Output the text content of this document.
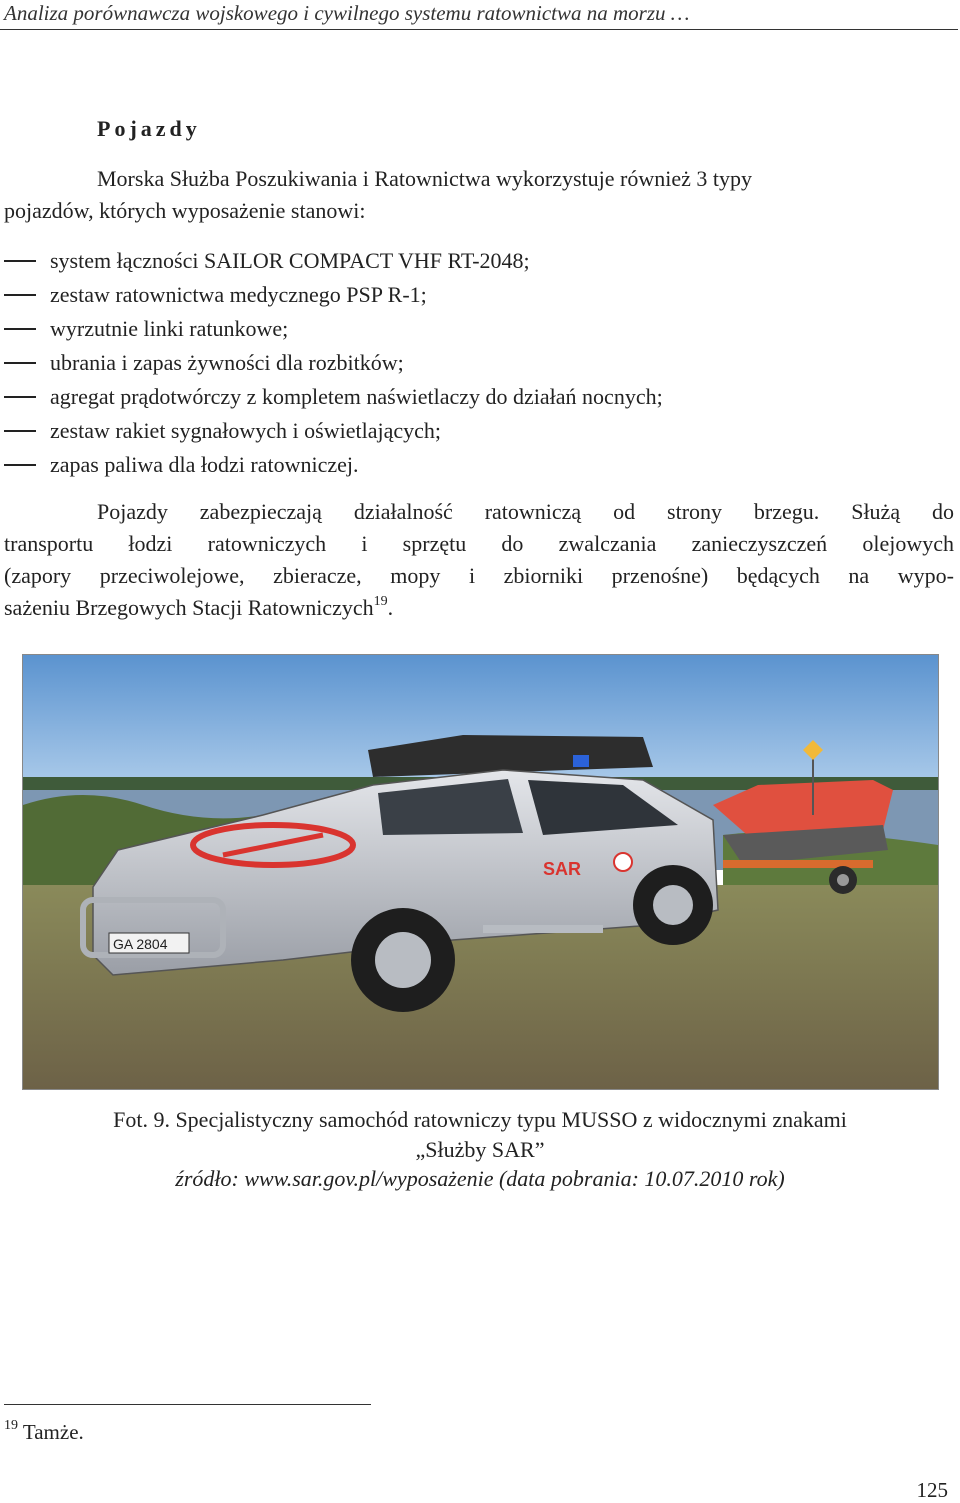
Analiza porównawcza wojskowego i cywilnego systemu ratownictwa na morzu …
Pojazdy
Morska Służba Poszukiwania i Ratownictwa wykorzystuje również 3 typy
pojazdów, których wyposażenie stanowi:
system łączności SAILOR COMPACT VHF RT-2048;
zestaw ratownictwa medycznego PSP R-1;
wyrzutnie linki ratunkowe;
ubrania i zapas żywności dla rozbitków;
agregat prądotwórczy z kompletem naświetlaczy do działań nocnych;
zestaw rakiet sygnałowych i oświetlających;
zapas paliwa dla łodzi ratowniczej.
Pojazdy zabezpieczają działalność ratowniczą od strony brzegu. Służą do
transportu łodzi ratowniczych i sprzętu do zwalczania zanieczyszczeń olejowych
(zapory przeciwolejowe, zbieracze, mopy i zbiorniki przenośne) będących na wypo-
sażeniu Brzegowych Stacji Ratowniczych$^{19}$.
SAR
GA 2804
Fot. 9. Specjalistyczny samochód ratowniczy typu MUSSO z widocznymi znakami
„Służby SAR”
źródło: www.sar.gov.pl/wyposażenie (data pobrania: 10.07.2010 rok)
$^{19}$ Tamże.
125
